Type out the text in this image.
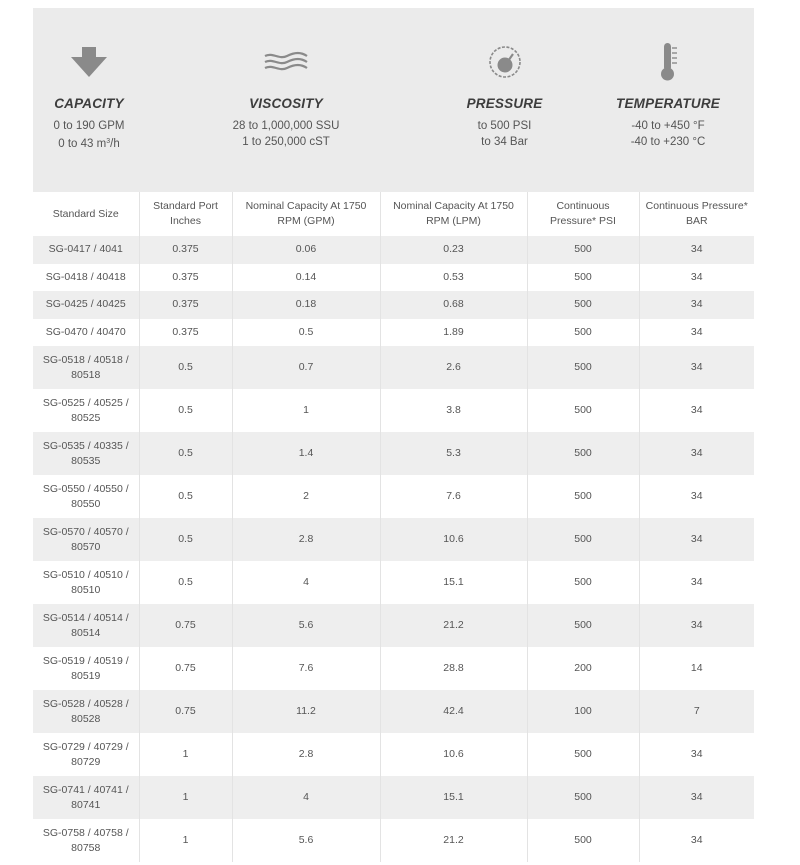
CAPACITY
0 to 190 GPM
0 to 43 $m^3/h$
VISCOSITY
28 to 1,000,000 SSU
1 to 250,000 cST
PRESSURE
to 500 PSI
to 34 Bar
TEMPERATURE
-40 to +450 °F
-40 to +230 °C
Standard Size	Standard Port Inches	Nominal Capacity At 1750 RPM (GPM)	Nominal Capacity At 1750 RPM (LPM)	Continuous Pressure* PSI	Continuous Pressure* BAR
SG-0417 / 4041	0.375	0.06	0.23	500	34
SG-0418 / 40418	0.375	0.14	0.53	500	34
SG-0425 / 40425	0.375	0.18	0.68	500	34
SG-0470 / 40470	0.375	0.5	1.89	500	34
SG-0518 / 40518 / 80518	0.5	0.7	2.6	500	34
SG-0525 / 40525 / 80525	0.5	1	3.8	500	34
SG-0535 / 40335 / 80535	0.5	1.4	5.3	500	34
SG-0550 / 40550 / 80550	0.5	2	7.6	500	34
SG-0570 / 40570 / 80570	0.5	2.8	10.6	500	34
SG-0510 / 40510 / 80510	0.5	4	15.1	500	34
SG-0514 / 40514 / 80514	0.75	5.6	21.2	500	34
SG-0519 / 40519 / 80519	0.75	7.6	28.8	200	14
SG-0528 / 40528 / 80528	0.75	11.2	42.4	100	7
SG-0729 / 40729 / 80729	1	2.8	10.6	500	34
SG-0741 / 40741 / 80741	1	4	15.1	500	34
SG-0758 / 40758 / 80758	1	5.6	21.2	500	34
